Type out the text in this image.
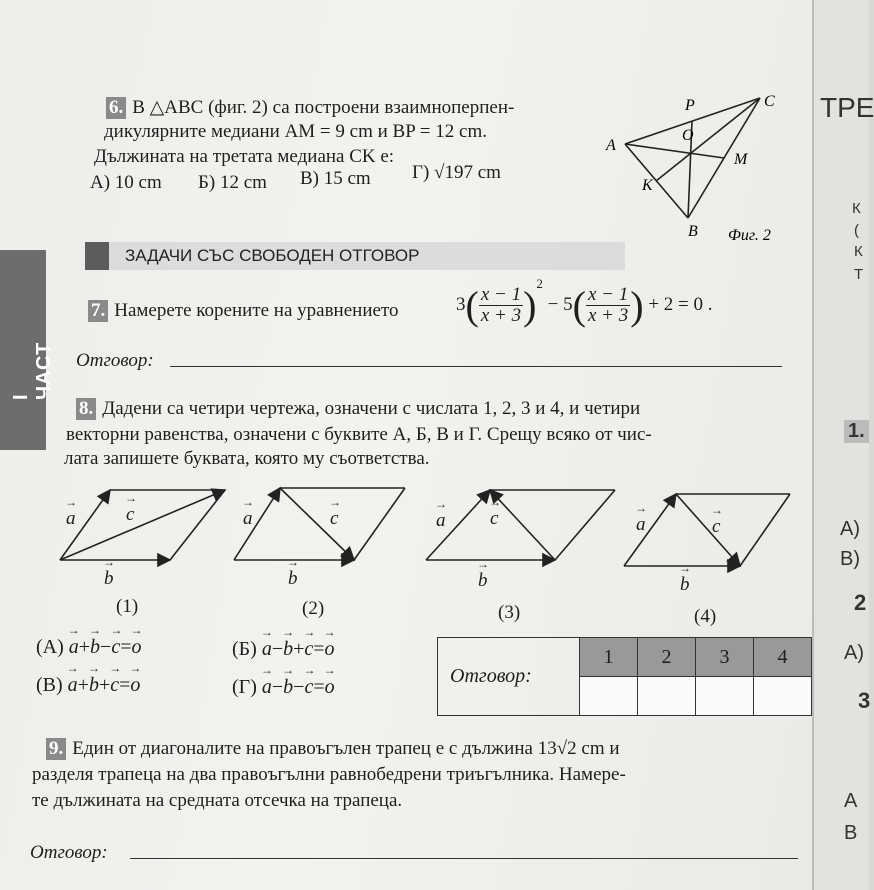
ТРЕ
К
(
К
Т
1.
А)
В)
2
А)
3
А
В
I ЧАСТ
6. В △ABC (фиг. 2) са построени взаимноперпен-
дикулярните медиани AM = 9 cm и BP = 12 cm.
Дължината на третата медиана CK е:
А) 10 cm Б) 12 cm В) 15 cm Г) √197 cm
P	C
A
O
M
K
B Фиг. 2
ЗАДАЧИ СЪС СВОБОДЕН ОТГОВОР
7. Намерете корените на уравнението	$3( \frac{x - 1}{x + 3} )^2 - 5( \frac{x - 1}{x + 3}$ ) + 2 = 0 .
Отговор:
8. Дадени са четири чертежа, означени с числата 1, 2, 3 и 4, и четири
векторни равенства, означени с буквите А, Б, В и Г. Срещу всяко от чис-
лата запишете буквата, която му съответства.
→ a	→ c
→ b
(1)
→ a	→ c
→ b
(2)
→ a → c
→ b
(3)
→ a	→ c
→ b
(4)
(А) → a+→ b−→ c=→ o	(Б) → a−→ b+→ c=→ o
(В) → a+→ b+→ c=→ o	(Г) → a−→ b−→ c=→ o	Отговор:	1	2	3	4

9. Един от диагоналите на правоъгълен трапец е с дължина 13√2 cm и
разделя трапеца на два правоъгълни равнобедрени триъгълника. Намере-
те дължината на средната отсечка на трапеца.
Отговор:
